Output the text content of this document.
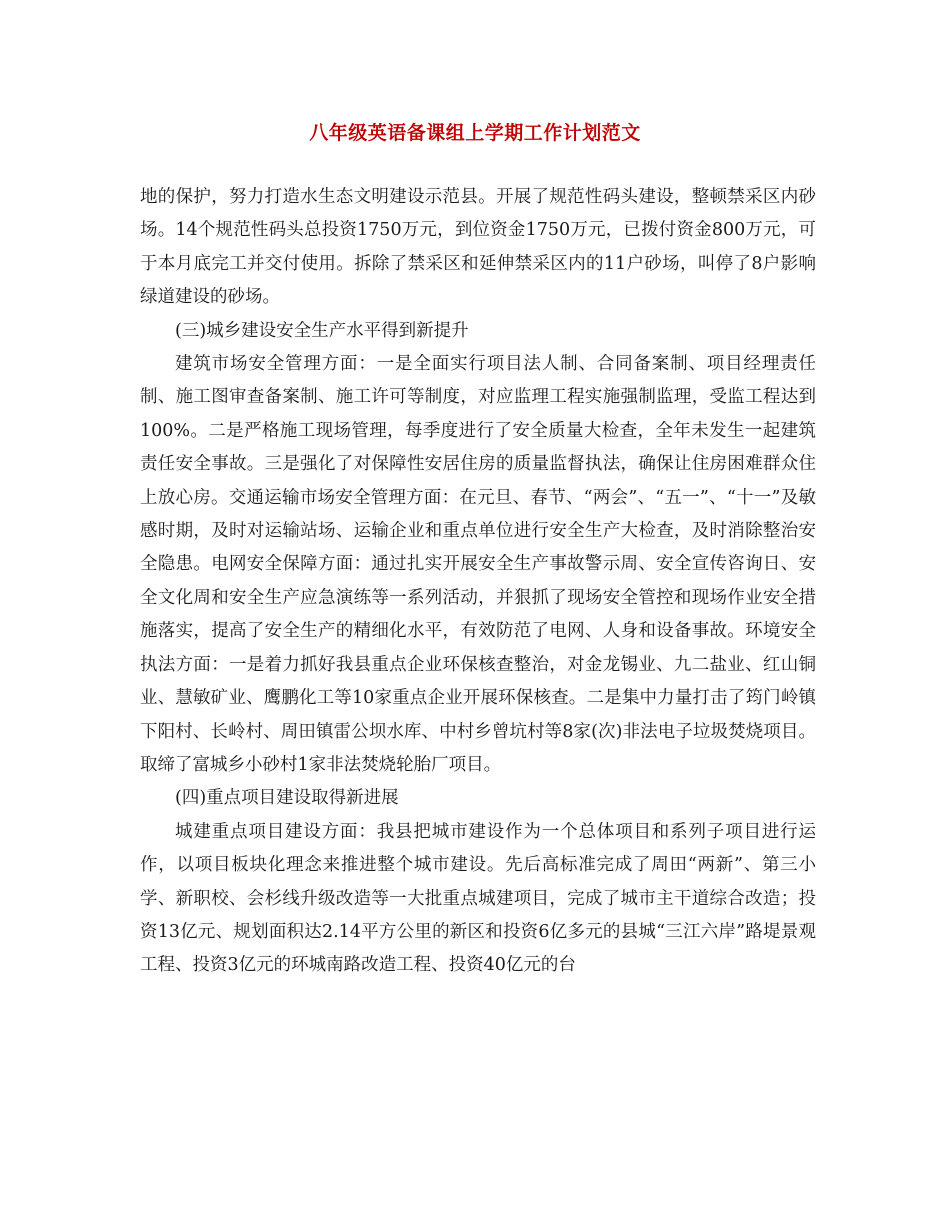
八年级英语备课组上学期工作计划范文

地的保护，努力打造水生态文明建设示范县。开展了规范性码头建设，整顿禁采区内砂场。14个规范性码头总投资1750万元，到位资金1750万元，已拨付资金800万元，可于本月底完工并交付使用。拆除了禁采区和延伸禁采区内的11户砂场，叫停了8户影响绿道建设的砂场。

(三)城乡建设安全生产水平得到新提升

建筑市场安全管理方面：一是全面实行项目法人制、合同备案制、项目经理责任制、施工图审查备案制、施工许可等制度，对应监理工程实施强制监理，受监工程达到100%。二是严格施工现场管理，每季度进行了安全质量大检查，全年未发生一起建筑责任安全事故。三是强化了对保障性安居住房的质量监督执法，确保让住房困难群众住上放心房。交通运输市场安全管理方面：在元旦、春节、“两会”、“五一”、“十一”及敏感时期，及时对运输站场、运输企业和重点单位进行安全生产大检查，及时消除整治安全隐患。电网安全保障方面：通过扎实开展安全生产事故警示周、安全宣传咨询日、安全文化周和安全生产应急演练等一系列活动，并狠抓了现场安全管控和现场作业安全措施落实，提高了安全生产的精细化水平，有效防范了电网、人身和设备事故。环境安全执法方面：一是着力抓好我县重点企业环保核查整治，对金龙锡业、九二盐业、红山铜业、慧敏矿业、鹰鹏化工等10家重点企业开展环保核查。二是集中力量打击了筠门岭镇下阳村、长岭村、周田镇雷公坝水库、中村乡曾坑村等8家(次)非法电子垃圾焚烧项目。取缔了富城乡小砂村1家非法焚烧轮胎厂项目。

(四)重点项目建设取得新进展

城建重点项目建设方面：我县把城市建设作为一个总体项目和系列子项目进行运作，以项目板块化理念来推进整个城市建设。先后高标准完成了周田“两新”、第三小学、新职校、会杉线升级改造等一大批重点城建项目，完成了城市主干道综合改造；投资13亿元、规划面积达2.14平方公里的新区和投资6亿多元的县城“三江六岸”路堤景观工程、投资3亿元的环城南路改造工程、投资40亿元的台
